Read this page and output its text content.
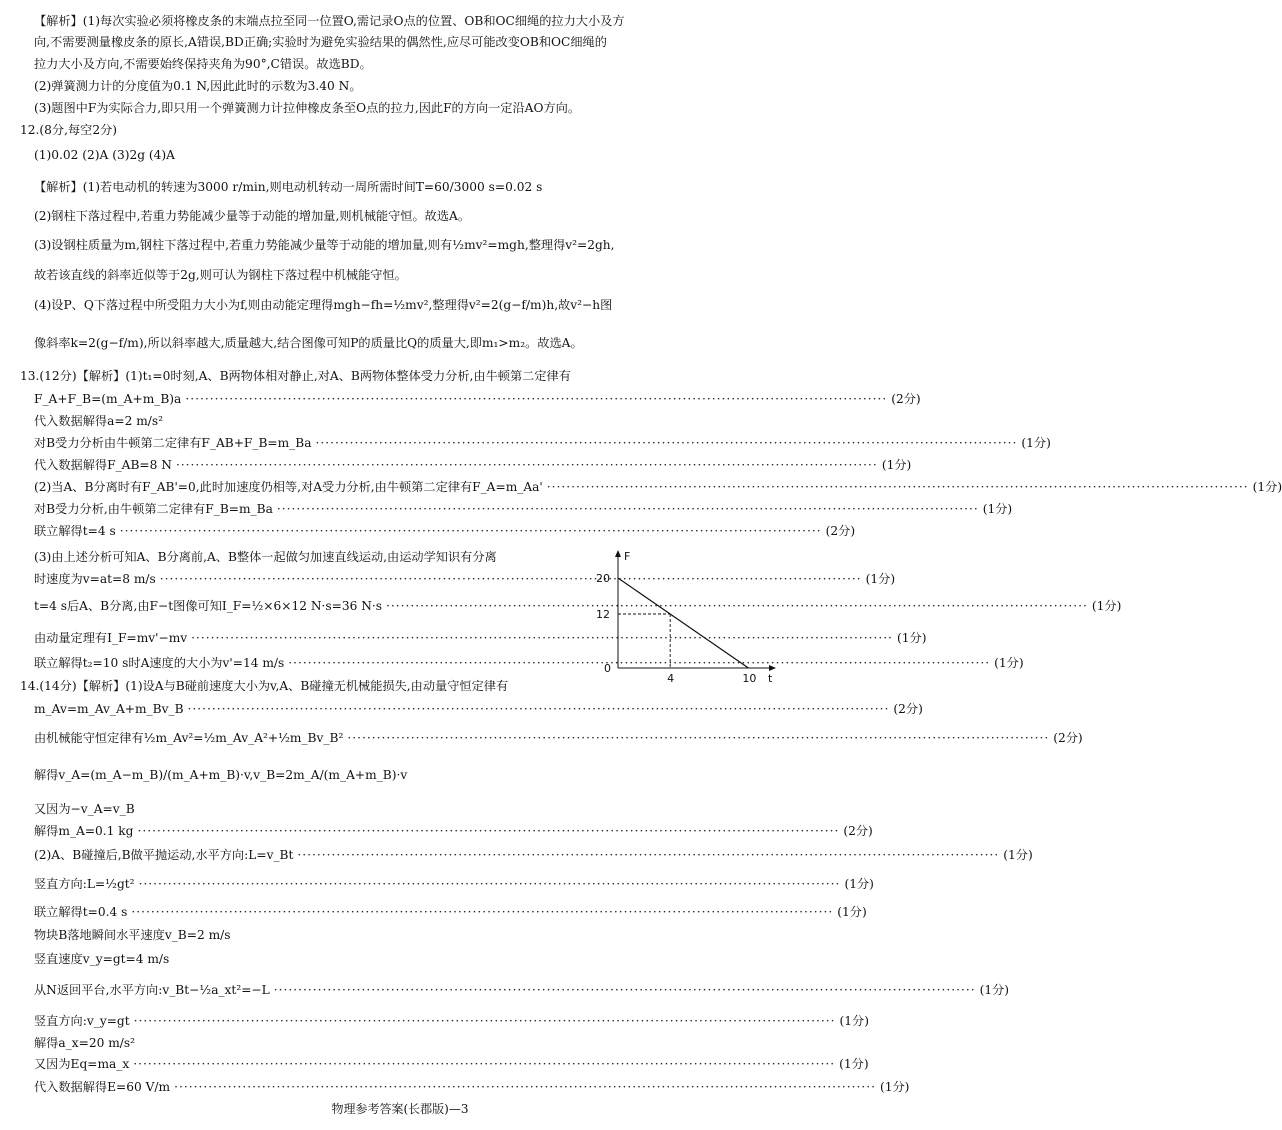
【解析】(1)每次实验必须将橡皮条的末端点拉至同一位置O,需记录O点的位置、OB和OC细绳的拉力大小及方
向,不需要测量橡皮条的原长,A错误,BD正确;实验时为避免实验结果的偶然性,应尽可能改变OB和OC细绳的
拉力大小及方向,不需要始终保持夹角为90°,C错误。故选BD。
(2)弹簧测力计的分度值为0.1 N,因此此时的示数为3.40 N。
(3)题图中F为实际合力,即只用一个弹簧测力计拉伸橡皮条至O点的拉力,因此F的方向一定沿AO方向。
12.(8分,每空2分)
(1)0.02 (2)A (3)2g (4)A
【解析】(1)若电动机的转速为3000 r/min,则电动机转动一周所需时间T=60/3000 s=0.02 s
(2)钢柱下落过程中,若重力势能减少量等于动能的增加量,则机械能守恒。故选A。
(3)设钢柱质量为m,钢柱下落过程中,若重力势能减少量等于动能的增加量,则有½mv²=mgh,整理得v²=2gh,
故若该直线的斜率近似等于2g,则可认为钢柱下落过程中机械能守恒。
(4)设P、Q下落过程中所受阻力大小为f,则由动能定理得mgh−fh=½mv²,整理得v²=2(g−f/m)h,故v²−h图
像斜率k=2(g−f/m),所以斜率越大,质量越大,结合图像可知P的质量比Q的质量大,即m₁>m₂。故选A。
13.(12分)【解析】(1)t₁=0时刻,A、B两物体相对静止,对A、B两物体整体受力分析,由牛顿第二定律有
F_A+F_B=(m_A+m_B)a ·····	(2分)
代入数据解得a=2 m/s²
对B受力分析由牛顿第二定律有F_AB+F_B=m_Ba ·····	(1分)
代入数据解得F_AB=8 N ·····	(1分)
(2)当A、B分离时有F_AB'=0,此时加速度仍相等,对A受力分析,由牛顿第二定律有F_A=m_Aa' ·····	(1分)
对B受力分析,由牛顿第二定律有F_B=m_Ba ·····	(1分)
联立解得t=4 s ·····	(2分)
(3)由上述分析可知A、B分离前,A、B整体一起做匀加速直线运动,由运动学知识有分离
时速度为v=at=8 m/s ·····	(1分)
t=4 s后A、B分离,由F−t图像可知I_F=½×6×12 N·s=36 N·s ·····	(1分)
由动量定理有I_F=mv'−mv ·····	(1分)
联立解得t₂=10 s时A速度的大小为v'=14 m/s ·····	(1分)
14.(14分)【解析】(1)设A与B碰前速度大小为v,A、B碰撞无机械能损失,由动量守恒定律有
m_Av=m_Av_A+m_Bv_B ·····	(2分)
由机械能守恒定律有½m_Av²=½m_Av_A²+½m_Bv_B² ·····	(2分)
解得v_A=(m_A−m_B)/(m_A+m_B)·v,v_B=2m_A/(m_A+m_B)·v
又因为−v_A=v_B
解得m_A=0.1 kg ·····	(2分)
(2)A、B碰撞后,B做平抛运动,水平方向:L=v_Bt ·····	(1分)
竖直方向:L=½gt² ·····	(1分)
联立解得t=0.4 s ·····	(1分)
物块B落地瞬间水平速度v_B=2 m/s
竖直速度v_y=gt=4 m/s
从N返回平台,水平方向:v_Bt−½a_xt²=−L ·····	(1分)
竖直方向:v_y=gt ·····	(1分)
解得a_x=20 m/s²
又因为Eq=ma_x ·····	(1分)
代入数据解得E=60 V/m ·····	(1分)
F
t
0
20
12
4	10
物理参考答案(长郡版)—3
